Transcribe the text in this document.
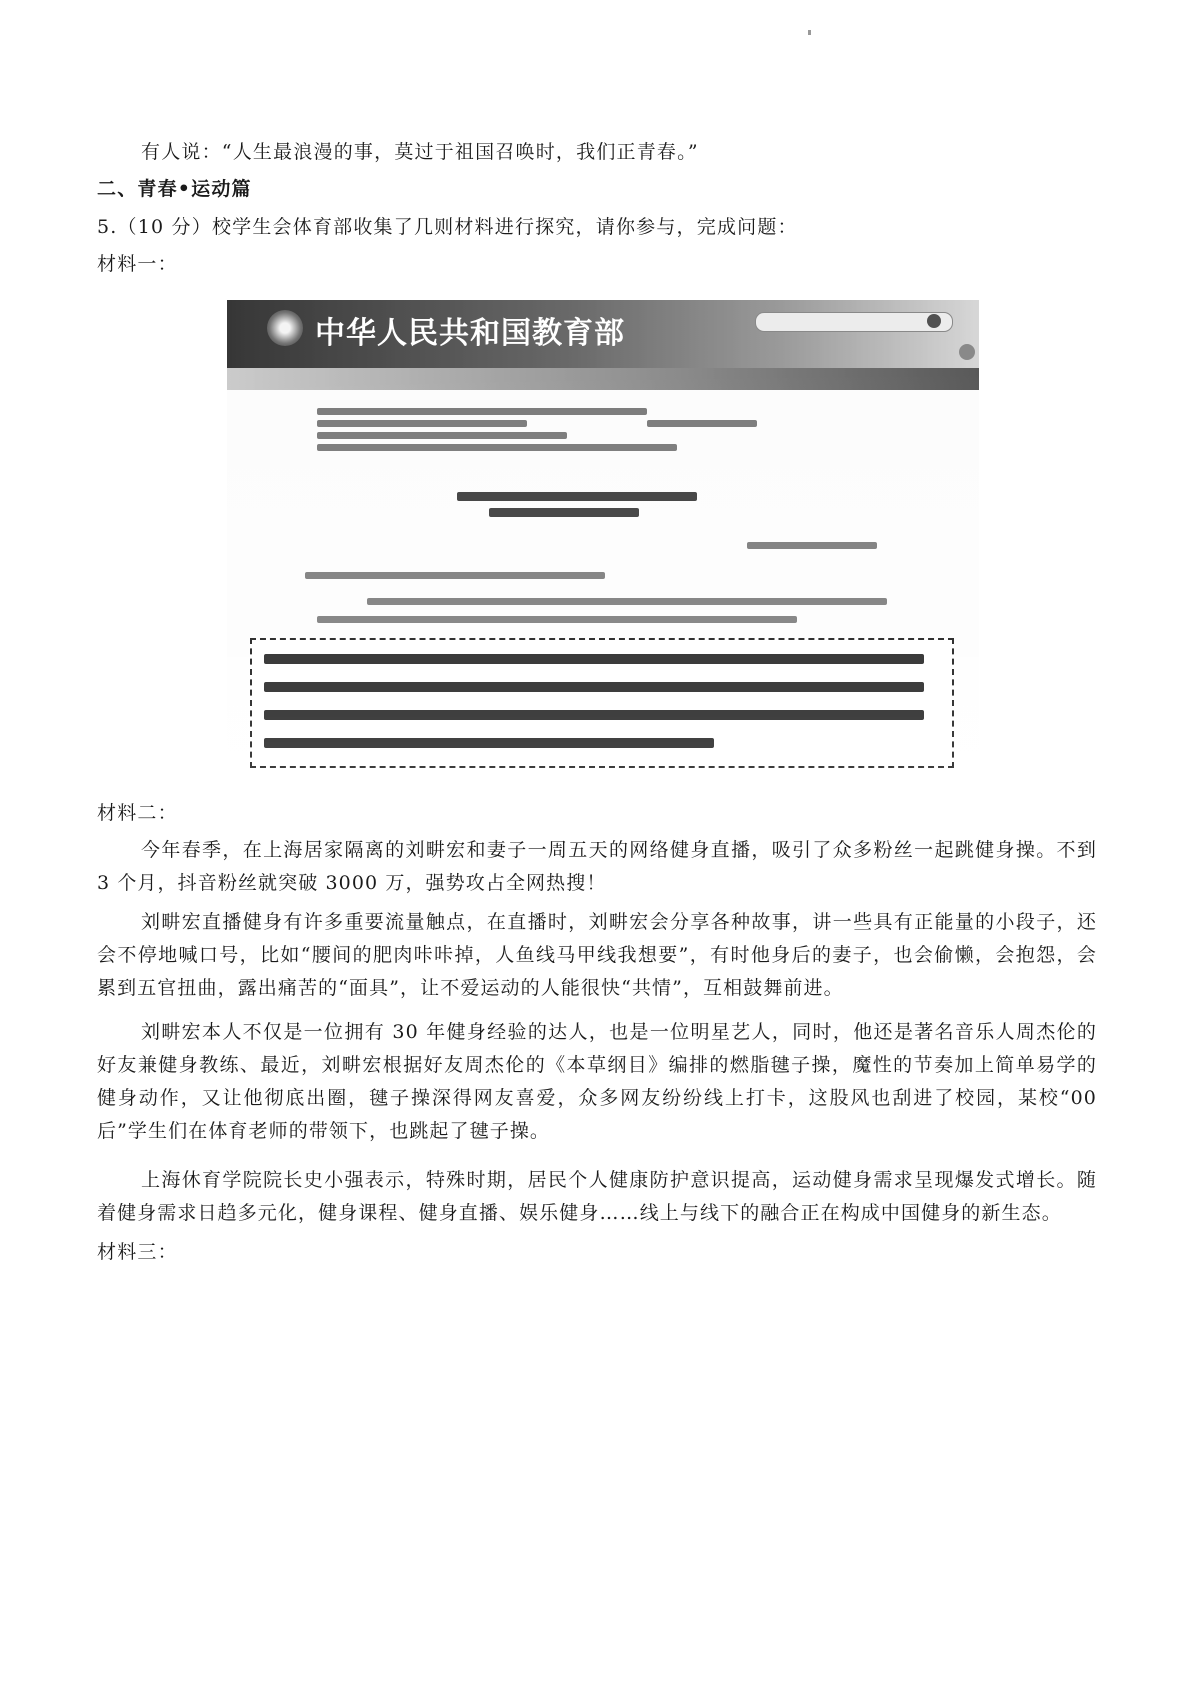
有人说：“人生最浪漫的事，莫过于祖国召唤时，我们正青春。”
二、青春•运动篇
5.（10 分）校学生会体育部收集了几则材料进行探究，请你参与，完成问题：
材料一：
中华人民共和国教育部
材料二：
今年春季，在上海居家隔离的刘畊宏和妻子一周五天的网络健身直播，吸引了众多粉丝一起跳健身操。不到 3 个月，抖音粉丝就突破 3000 万，强势攻占全网热搜！
刘畊宏直播健身有许多重要流量触点，在直播时，刘畊宏会分享各种故事，讲一些具有正能量的小段子，还会不停地喊口号，比如“腰间的肥肉咔咔掉，人鱼线马甲线我想要”，有时他身后的妻子，也会偷懒，会抱怨，会累到五官扭曲，露出痛苦的“面具”，让不爱运动的人能很快“共情”，互相鼓舞前进。
刘畊宏本人不仅是一位拥有 30 年健身经验的达人，也是一位明星艺人，同时，他还是著名音乐人周杰伦的好友兼健身教练、最近，刘畊宏根据好友周杰伦的《本草纲目》编排的燃脂毽子操，魔性的节奏加上简单易学的健身动作，又让他彻底出圈，毽子操深得网友喜爱，众多网友纷纷线上打卡，这股风也刮进了校园，某校“00 后”学生们在体育老师的带领下，也跳起了毽子操。
上海休育学院院长史小强表示，特殊时期，居民个人健康防护意识提高，运动健身需求呈现爆发式增长。随着健身需求日趋多元化，健身课程、健身直播、娱乐健身……线上与线下的融合正在构成中国健身的新生态。
材料三：
